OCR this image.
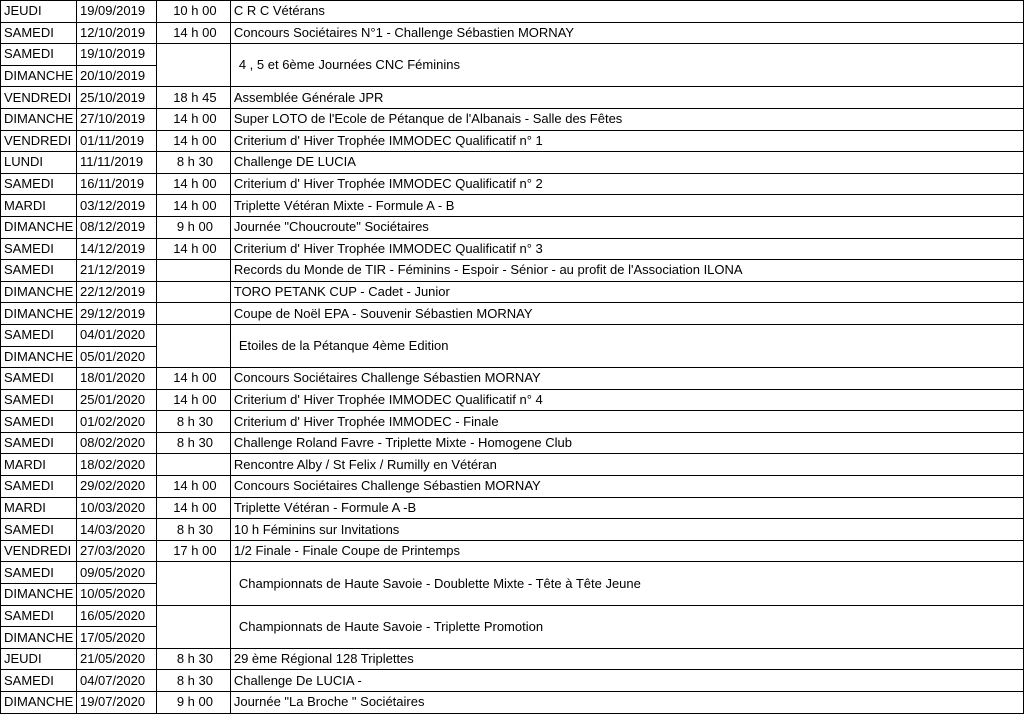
JEUDI	19/09/2019	10 h 00	C R C Vétérans
SAMEDI	12/10/2019	14 h 00	Concours Sociétaires N°1 - Challenge Sébastien MORNAY
SAMEDI	19/10/2019		4 , 5 et 6ème Journées CNC Féminins
DIMANCHE	20/10/2019		
VENDREDI	25/10/2019	18 h 45	Assemblée Générale JPR
DIMANCHE	27/10/2019	14 h 00	Super LOTO de l'Ecole de Pétanque de l'Albanais - Salle des Fêtes
VENDREDI	01/11/2019	14 h 00	Criterium d' Hiver Trophée IMMODEC Qualificatif n° 1
LUNDI	11/11/2019	8 h 30	Challenge DE LUCIA
SAMEDI	16/11/2019	14 h 00	Criterium d' Hiver Trophée IMMODEC Qualificatif n° 2
MARDI	03/12/2019	14 h 00	Triplette Vétéran Mixte - Formule A - B
DIMANCHE	08/12/2019	9 h 00	Journée "Choucroute" Sociétaires
SAMEDI	14/12/2019	14 h 00	Criterium d' Hiver Trophée IMMODEC Qualificatif n° 3
SAMEDI	21/12/2019		Records du Monde de TIR - Féminins - Espoir - Sénior - au profit de l'Association ILONA
DIMANCHE	22/12/2019		TORO PETANK CUP - Cadet - Junior
DIMANCHE	29/12/2019		Coupe de Noël EPA - Souvenir Sébastien MORNAY
SAMEDI	04/01/2020		Etoiles de la Pétanque 4ème Edition
DIMANCHE	05/01/2020		
SAMEDI	18/01/2020	14 h 00	Concours Sociétaires Challenge Sébastien MORNAY
SAMEDI	25/01/2020	14 h 00	Criterium d' Hiver Trophée IMMODEC Qualificatif n° 4
SAMEDI	01/02/2020	8 h 30	Criterium d' Hiver Trophée IMMODEC - Finale
SAMEDI	08/02/2020	8 h 30	Challenge Roland Favre - Triplette Mixte - Homogene Club
MARDI	18/02/2020		Rencontre Alby / St Felix / Rumilly en Vétéran
SAMEDI	29/02/2020	14 h 00	Concours Sociétaires Challenge Sébastien MORNAY
MARDI	10/03/2020	14 h 00	Triplette Vétéran - Formule A -B
SAMEDI	14/03/2020	8 h 30	10 h Féminins sur Invitations
VENDREDI	27/03/2020	17 h 00	1/2 Finale - Finale Coupe de Printemps
SAMEDI	09/05/2020		Championnats de Haute Savoie - Doublette Mixte - Tête à Tête Jeune
DIMANCHE	10/05/2020		
SAMEDI	16/05/2020		Championnats de Haute Savoie - Triplette Promotion
DIMANCHE	17/05/2020		
JEUDI	21/05/2020	8 h 30	29 ème Régional 128 Triplettes
SAMEDI	04/07/2020	8 h 30	Challenge De LUCIA -
DIMANCHE	19/07/2020	9 h 00	Journée "La Broche " Sociétaires
